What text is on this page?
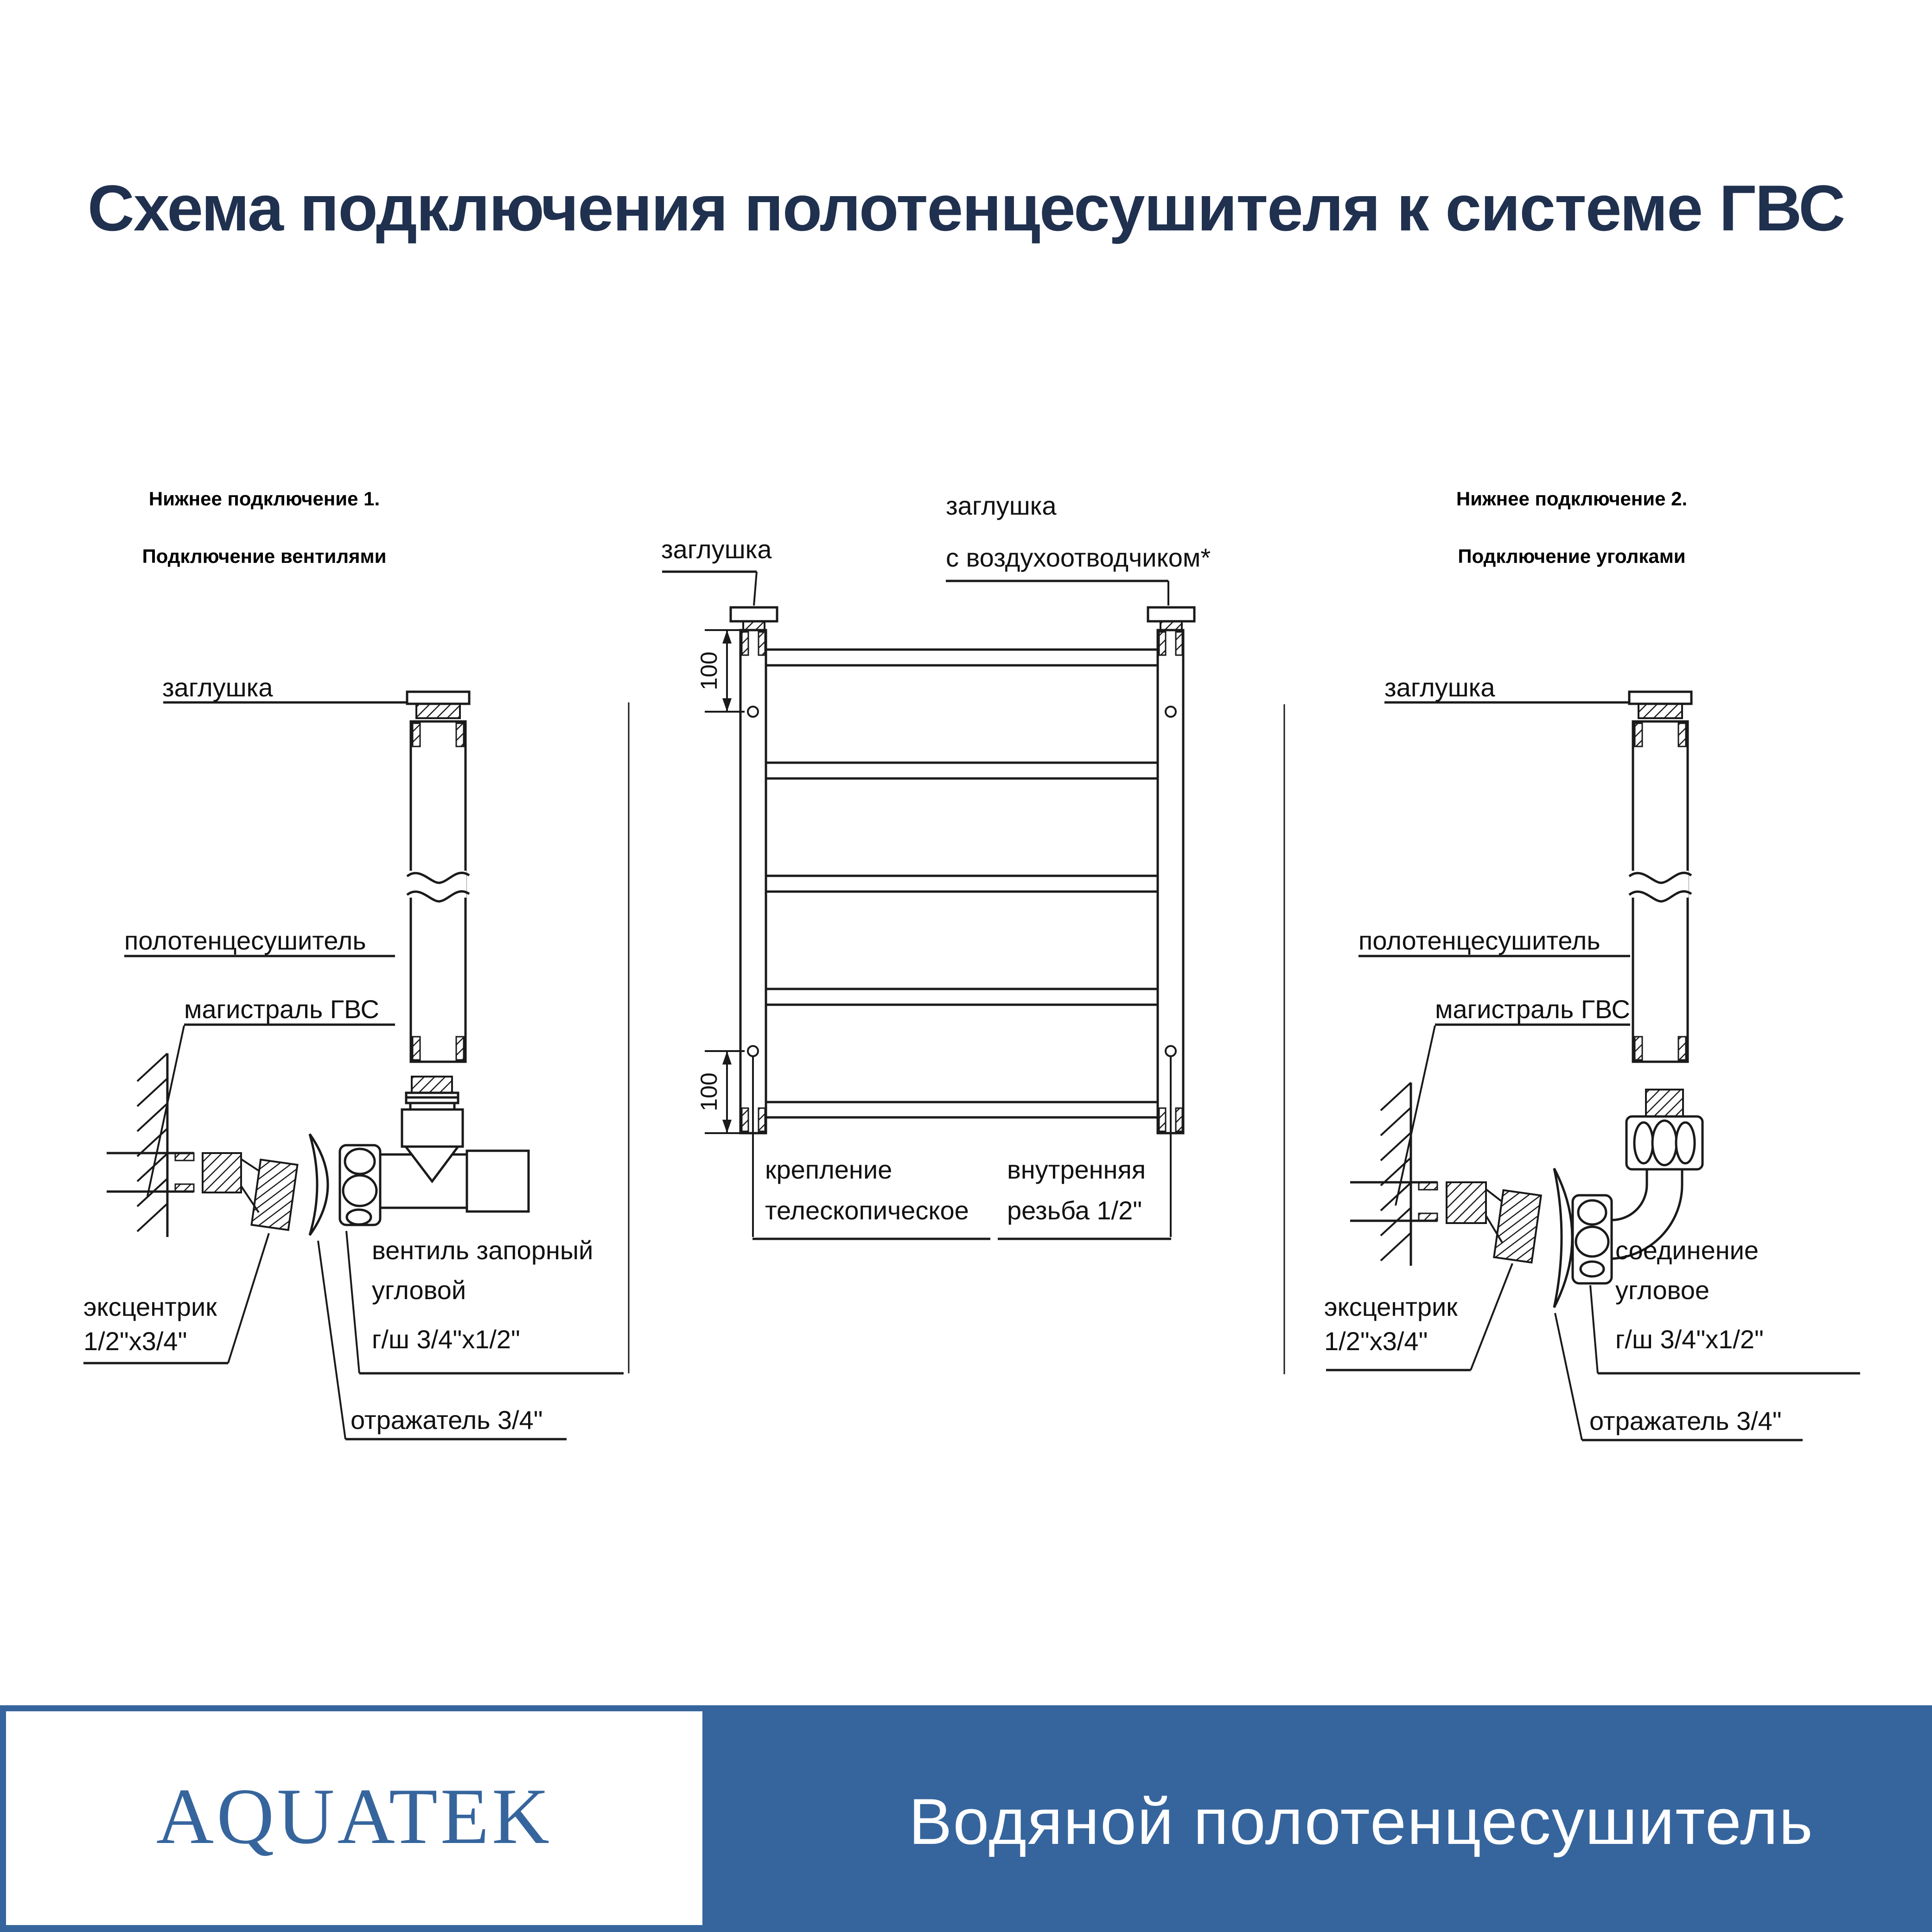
Схема подключения полотенцесушителя к системе ГВС
Нижнее подключение 1.
Подключение вентилями
Нижнее подключение 2.
Подключение уголками
заглушка
полотенцесушитель
магистраль ГВС
эксцентрик
1/2"x3/4"
вентиль запорный
угловой
г/ш 3/4"x1/2"
отражатель 3/4"
заглушка
заглушка
с воздухоотводчиком*
100
100
крепление
телескопическое
внутренняя
резьба 1/2"
заглушка
полотенцесушитель
магистраль ГВС
эксцентрик
1/2"x3/4"
соединение
угловое
г/ш 3/4"x1/2"
отражатель 3/4"
AQUATEK	Водяной полотенцесушитель
